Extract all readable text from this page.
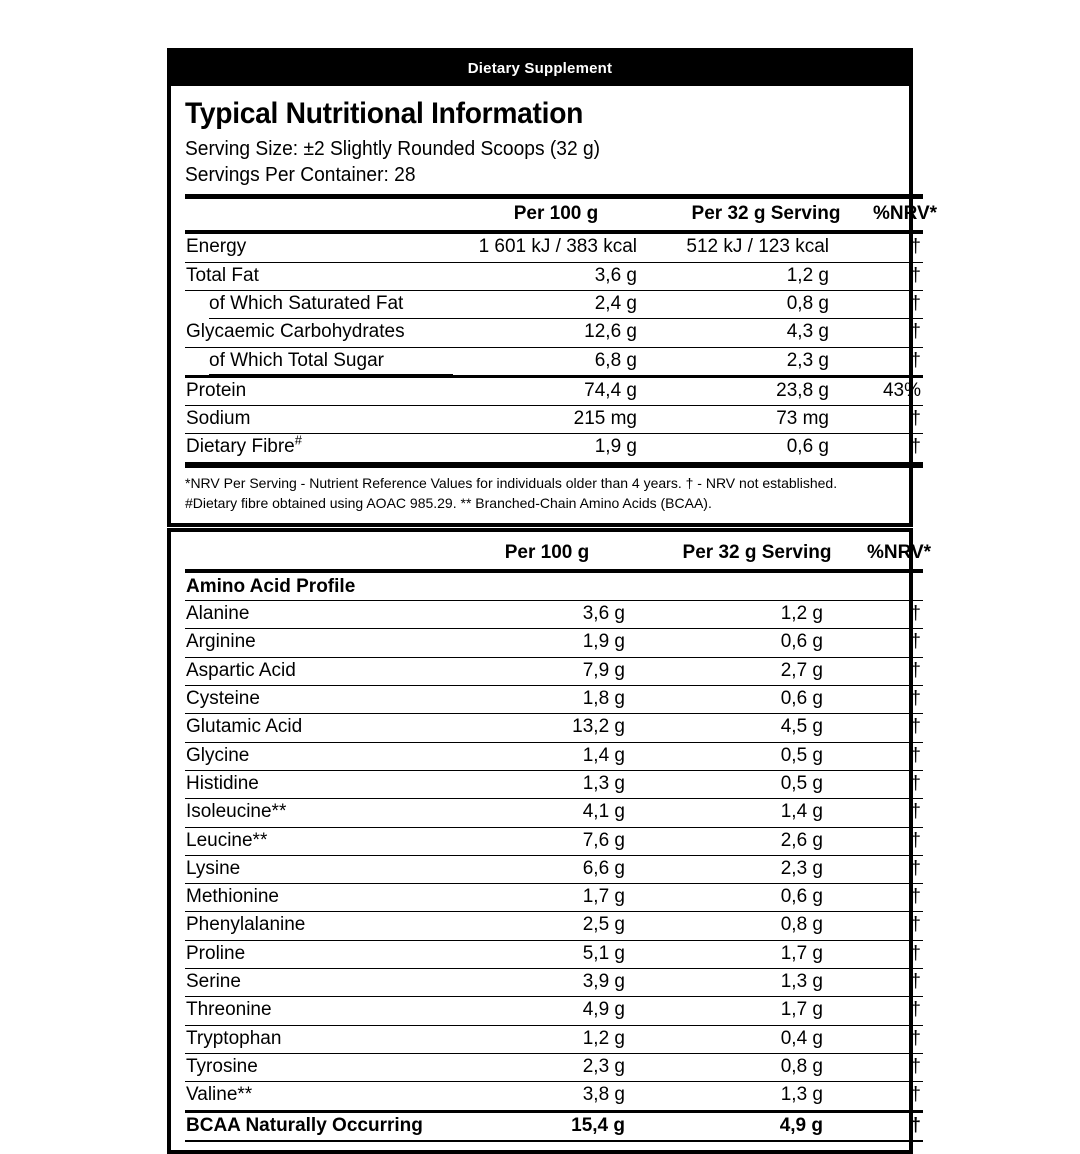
Dietary Supplement
Typical Nutritional Information
Serving Size: ±2 Slightly Rounded Scoops (32 g)
Servings Per Container: 28
	Per 100 g	Per 32 g Serving	%NRV*
Energy	1 601 kJ / 383 kcal	512 kJ / 123 kcal	†
Total Fat	3,6 g	1,2 g	†
of Which Saturated Fat	2,4 g	0,8 g	†
Glycaemic Carbohydrates	12,6 g	4,3 g	†
of Which Total Sugar	6,8 g	2,3 g	†
Protein	74,4 g	23,8 g	43%
Sodium	215 mg	73 mg	†
Dietary Fibre#	1,9 g	0,6 g	†
*NRV Per Serving - Nutrient Reference Values for individuals older than 4 years. † - NRV not established.
#Dietary fibre obtained using AOAC 985.29. ** Branched-Chain Amino Acids (BCAA).
	Per 100 g	Per 32 g Serving	%NRV*
Amino Acid Profile			
Alanine	3,6 g	1,2 g	†
Arginine	1,9 g	0,6 g	†
Aspartic Acid	7,9 g	2,7 g	†
Cysteine	1,8 g	0,6 g	†
Glutamic Acid	13,2 g	4,5 g	†
Glycine	1,4 g	0,5 g	†
Histidine	1,3 g	0,5 g	†
Isoleucine**	4,1 g	1,4 g	†
Leucine**	7,6 g	2,6 g	†
Lysine	6,6 g	2,3 g	†
Methionine	1,7 g	0,6 g	†
Phenylalanine	2,5 g	0,8 g	†
Proline	5,1 g	1,7 g	†
Serine	3,9 g	1,3 g	†
Threonine	4,9 g	1,7 g	†
Tryptophan	1,2 g	0,4 g	†
Tyrosine	2,3 g	0,8 g	†
Valine**	3,8 g	1,3 g	†
BCAA Naturally Occurring	15,4 g	4,9 g	†
